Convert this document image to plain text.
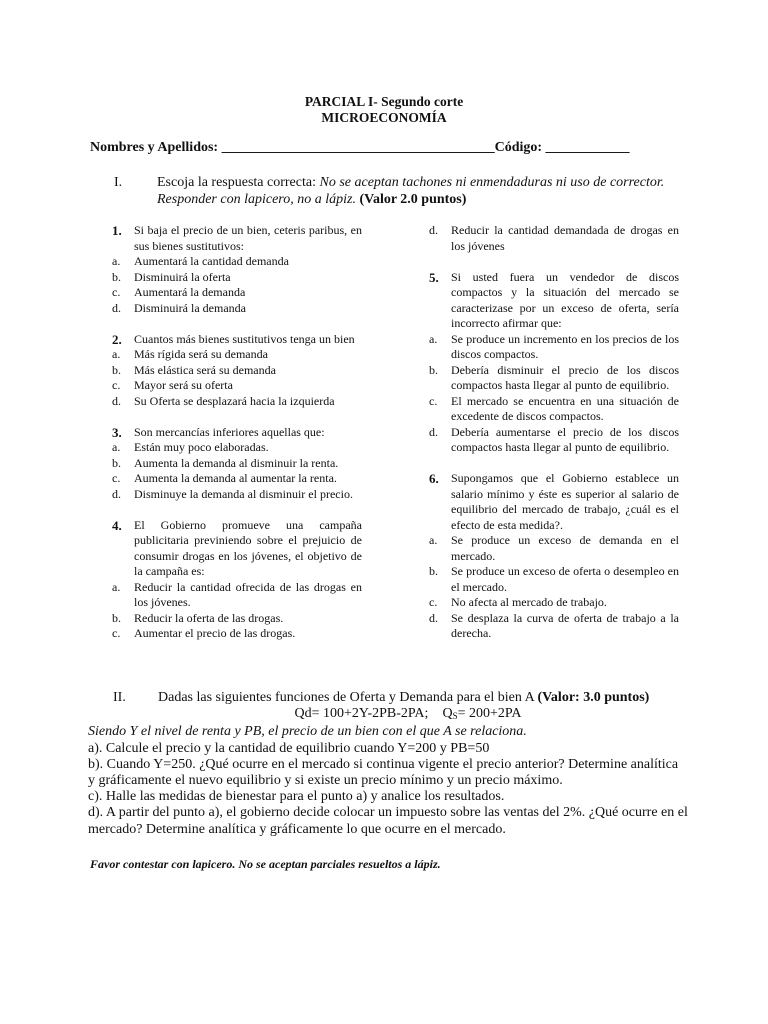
PARCIAL I- Segundo corte
MICROECONOMÍA
Nombres y Apellidos: _______________________________________Código: ____________
I. Escoja la respuesta correcta: No se aceptan tachones ni enmendaduras ni uso de corrector. Responder con lapicero, no a lápiz. (Valor 2.0 puntos)
1.	Si baja el precio de un bien, ceteris paribus, en sus bienes sustitutivos:
a.	Aumentará la cantidad demanda
b.	Disminuirá la oferta
c.	Aumentará la demanda
d.	Disminuirá la demanda
2.	Cuantos más bienes sustitutivos tenga un bien
a.	Más rígida será su demanda
b.	Más elástica será su demanda
c.	Mayor será su oferta
d.	Su Oferta se desplazará hacia la izquierda
3.	Son mercancías inferiores aquellas que:
a.	Están muy poco elaboradas.
b.	Aumenta la demanda al disminuir la renta.
c.	Aumenta la demanda al aumentar la renta.
d.	Disminuye la demanda al disminuir el precio.
4.	El Gobierno promueve una campaña publicitaria previniendo sobre el prejuicio de consumir drogas en los jóvenes, el objetivo de la campaña es:
a.	Reducir la cantidad ofrecida de las drogas en los jóvenes.
b.	Reducir la oferta de las drogas.
c.	Aumentar el precio de las drogas.
d.	Reducir la cantidad demandada de drogas en los jóvenes
5.	Si usted fuera un vendedor de discos compactos y la situación del mercado se caracterizase por un exceso de oferta, sería incorrecto afirmar que:
a.	Se produce un incremento en los precios de los discos compactos.
b.	Debería disminuir el precio de los discos compactos hasta llegar al punto de equilibrio.
c.	El mercado se encuentra en una situación de excedente de discos compactos.
d.	Debería aumentarse el precio de los discos compactos hasta llegar al punto de equilibrio.
6.	Supongamos que el Gobierno establece un salario mínimo y éste es superior al salario de equilibrio del mercado de trabajo, ¿cuál es el efecto de esta medida?.
a.	Se produce un exceso de demanda en el mercado.
b.	Se produce un exceso de oferta o desempleo en el mercado.
c.	No afecta al mercado de trabajo.
d.	Se desplaza la curva de oferta de trabajo a la derecha.
II.	Dadas las siguientes funciones de Oferta y Demanda para el bien A (Valor: 3.0 puntos)
Qd= 100+2Y-2PB-2PA; $Q_S= 200+2PA$
Siendo Y el nivel de renta y PB, el precio de un bien con el que A se relaciona.
a). Calcule el precio y la cantidad de equilibrio cuando Y=200 y PB=50
b). Cuando Y=250. ¿Qué ocurre en el mercado si continua vigente el precio anterior? Determine analítica y gráficamente el nuevo equilibrio y si existe un precio mínimo y un precio máximo.
c). Halle las medidas de bienestar para el punto a) y analice los resultados.
d). A partir del punto a), el gobierno decide colocar un impuesto sobre las ventas del 2%. ¿Qué ocurre en el mercado? Determine analítica y gráficamente lo que ocurre en el mercado.
Favor contestar con lapicero. No se aceptan parciales resueltos a lápiz.
